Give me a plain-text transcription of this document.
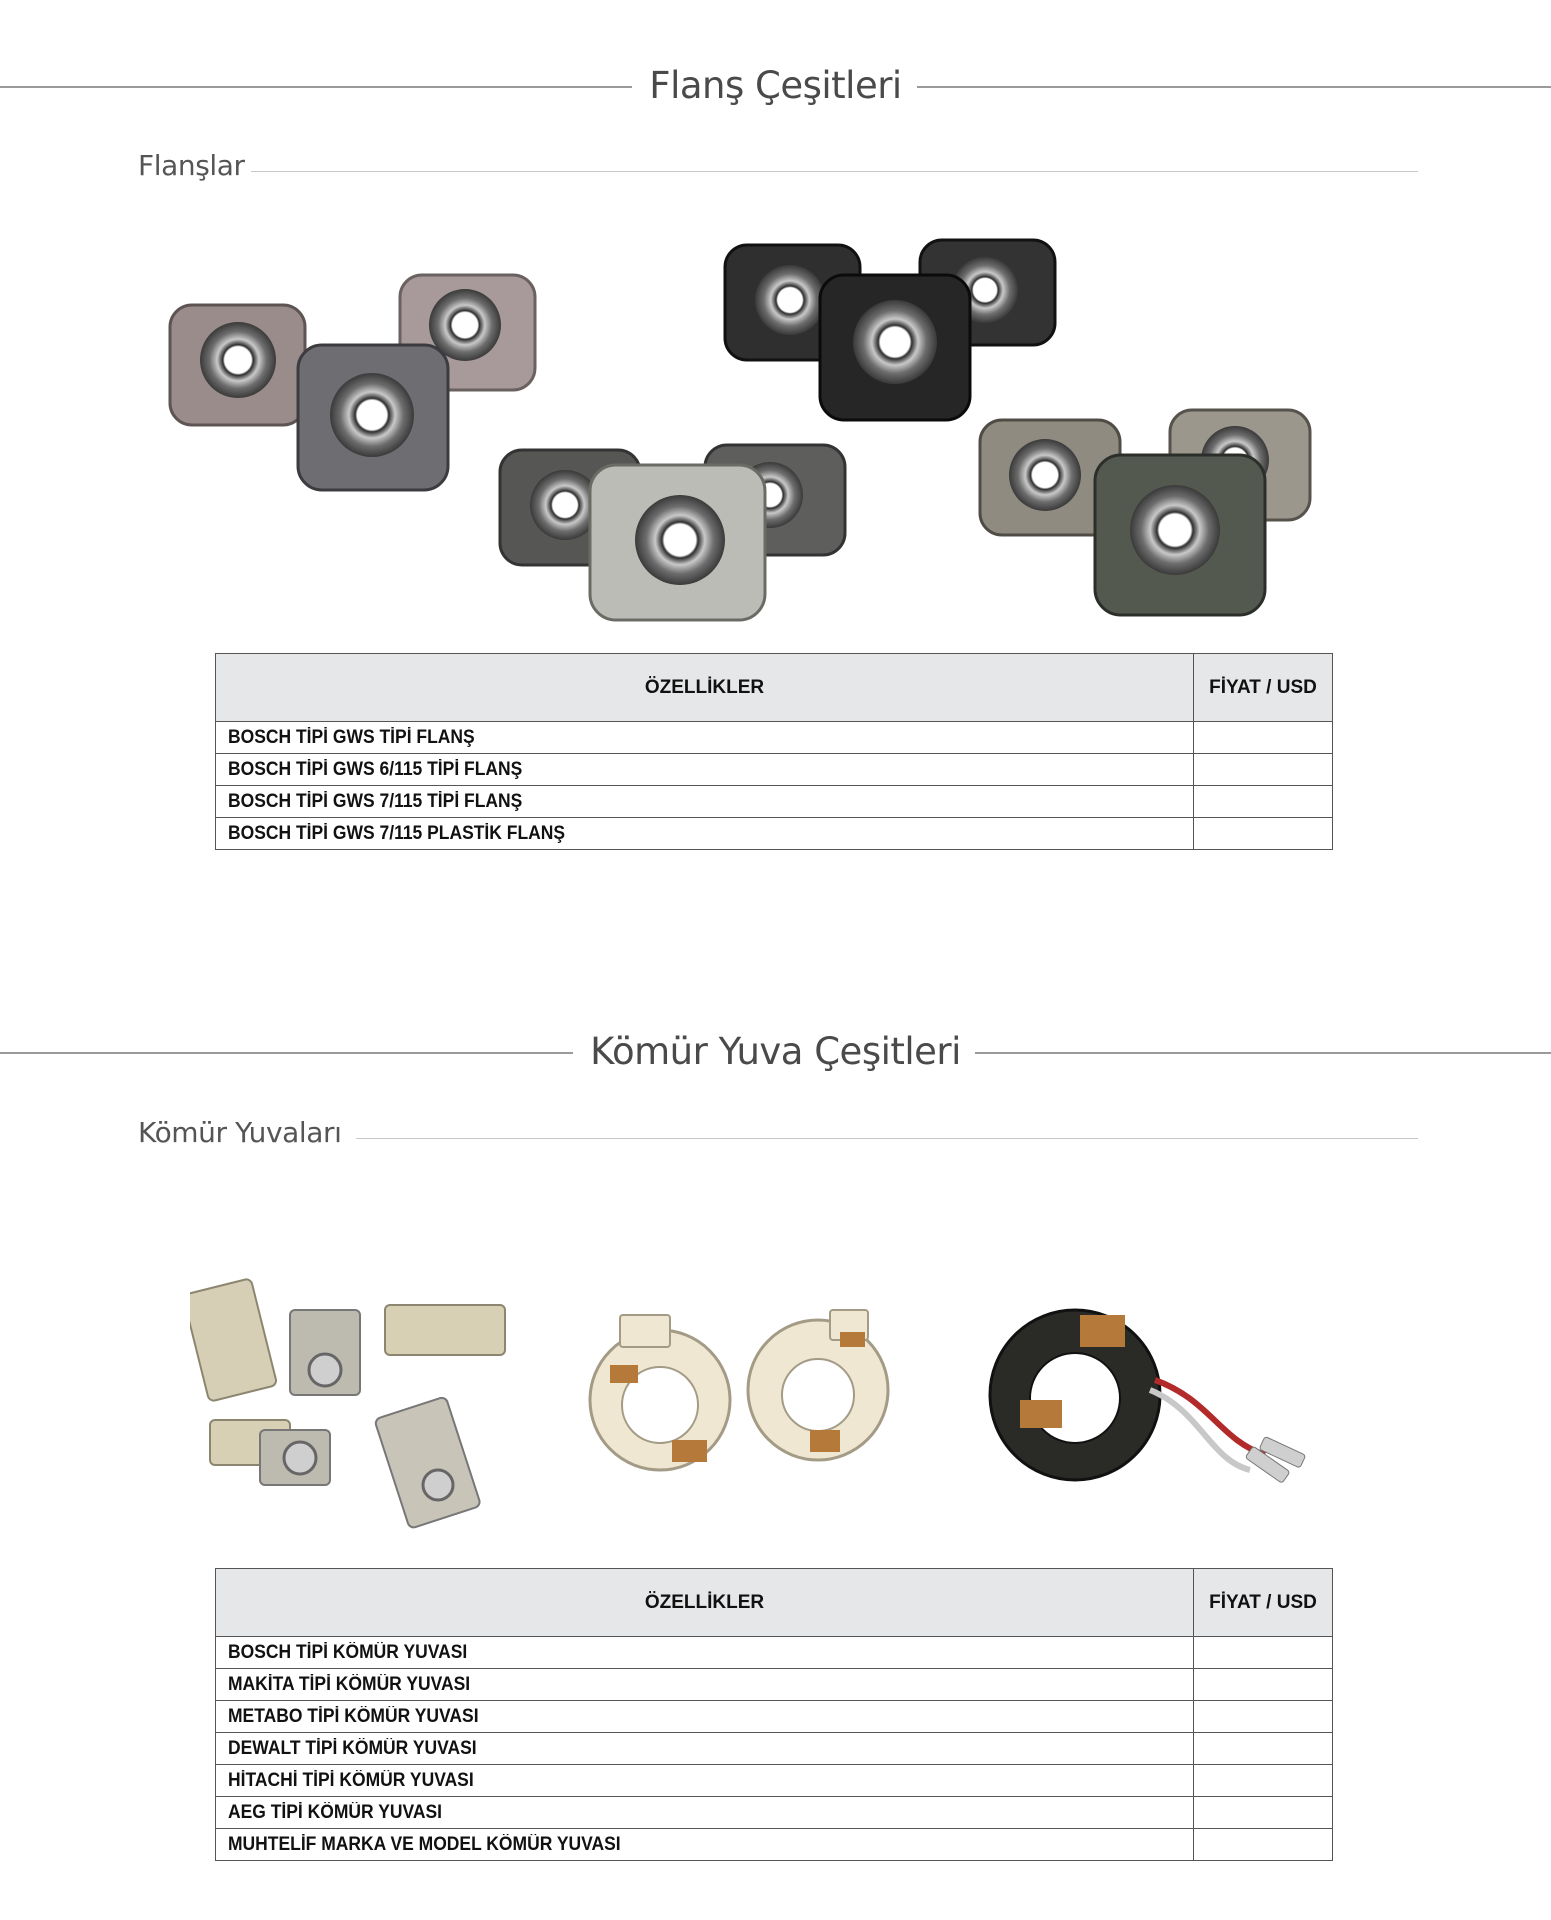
Flanş Çeşitleri
Flanşlar
ÖZELLİKLER	FİYAT / USD
BOSCH TİPİ GWS TİPİ FLANŞ	
BOSCH TİPİ GWS 6/115 TİPİ FLANŞ	
BOSCH TİPİ GWS 7/115 TİPİ FLANŞ	
BOSCH TİPİ GWS 7/115 PLASTİK FLANŞ	
Kömür Yuva Çeşitleri
Kömür Yuvaları
ÖZELLİKLER	FİYAT / USD
BOSCH TİPİ KÖMÜR YUVASI	
MAKİTA TİPİ KÖMÜR YUVASI	
METABO TİPİ KÖMÜR YUVASI	
DEWALT TİPİ KÖMÜR YUVASI	
HİTACHİ TİPİ KÖMÜR YUVASI	
AEG TİPİ KÖMÜR YUVASI	
MUHTELİF MARKA VE MODEL KÖMÜR YUVASI	
